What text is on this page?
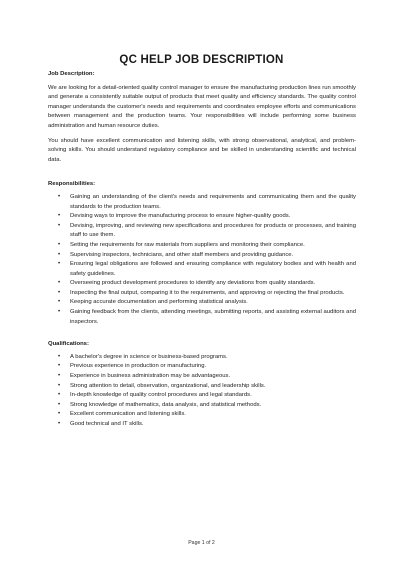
QC HELP JOB DESCRIPTION

Job Description:

We are looking for a detail-oriented quality control manager to ensure the manufacturing production lines run smoothly and generate a consistently suitable output of products that meet quality and efficiency standards. The quality control manager understands the customer's needs and requirements and coordinates employee efforts and communications between management and the production teams. Your responsibilities will include performing some business administration and human resource duties.

You should have excellent communication and listening skills, with strong observational, analytical, and problem-solving skills. You should understand regulatory compliance and be skilled in understanding scientific and technical data.

Responsibilities:

• Gaining an understanding of the client's needs and requirements and communicating them and the quality standards to the production teams.
• Devising ways to improve the manufacturing process to ensure higher-quality goods.
• Devising, improving, and reviewing new specifications and procedures for products or processes, and training staff to use them.
• Setting the requirements for raw materials from suppliers and monitoring their compliance.
• Supervising inspectors, technicians, and other staff members and providing guidance.
• Ensuring legal obligations are followed and ensuring compliance with regulatory bodies and with health and safety guidelines.
• Overseeing product development procedures to identify any deviations from quality standards.
• Inspecting the final output, comparing it to the requirements, and approving or rejecting the final products.
• Keeping accurate documentation and performing statistical analysis.
• Gaining feedback from the clients, attending meetings, submitting reports, and assisting external auditors and inspectors.

Qualifications:

• A bachelor's degree in science or business-based programs.
• Previous experience in production or manufacturing.
• Experience in business administration may be advantageous.
• Strong attention to detail, observation, organizational, and leadership skills.
• In-depth knowledge of quality control procedures and legal standards.
• Strong knowledge of mathematics, data analysis, and statistical methods.
• Excellent communication and listening skills.
• Good technical and IT skills.
Page 1 of 2
